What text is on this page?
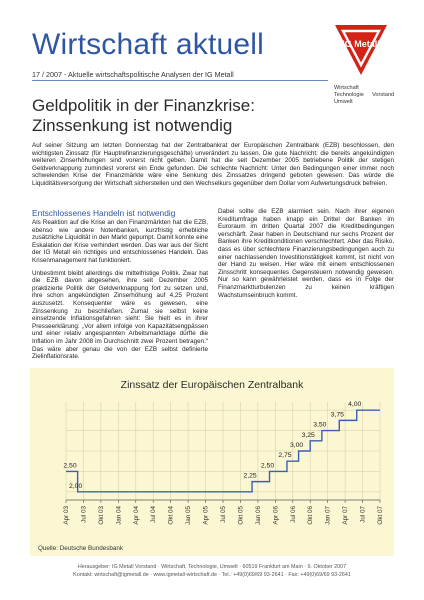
Wirtschaft aktuell
17 / 2007 - Aktuelle wirtschaftspolitische Analysen der IG Metall
IG Metall
Wirtschaft
Technologie
Umwelt
Vorstand
Geldpolitik in der Finanzkrise:
Zinssenkung ist notwendig

Auf seiner Sitzung am letzten Donnerstag hat der Zentralbankrat der Europäischen Zentralbank (EZB) beschlossen, den wichtigsten Zinssatz (für Hauptrefinanzierungsgeschäfte) unverändert zu lassen. Die gute Nachricht: die bereits angekündigten weiteren Zinserhöhungen sind vorerst nicht geben. Damit hat die seit Dezember 2005 betriebene Politik der stetigen Geldverknappung zumindest vorerst ein Ende gefunden. Die schlechte Nachricht: Unter den Bedingungen einer immer noch schwelenden Krise der Finanzmärkte wäre eine Senkung des Zinssatzes dringend geboten gewesen. Das würde die Liquiditätsversorgung der Wirtschaft sicherstellen und den Wechselkurs gegenüber dem Dollar vom Aufwertungsdruck befreien.

Entschlossenes Handeln ist notwendig

Als Reaktion auf die Krise an den Finanzmärkten hat die EZB, ebenso wie andere Notenbanken, kurzfristig erhebliche zusätzliche Liquidität in den Markt gepumpt. Damit konnte eine Eskalation der Krise verhindert werden. Das war aus der Sicht der IG Metall ein richtiges und entschlossenes Handeln. Das Krisenmanagement hat funktioniert.

Unbestimmt bleibt allerdings die mittelfristige Politik. Zwar hat die EZB davon abgesehen, ihre seit Dezember 2005 praktizierte Politik der Geldverknappung fort zu setzen und, ihre schon angekündigten Zinserhöhung auf 4,25 Prozent auszusetzt. Konsequenter wäre es gewesen, eine Zinssenkung zu beschließen. Zumal sie selbst keine einsetzende Inflationsgefahren sieht: Sie hielt es in ihrer Presseerklärung: „Vor allem infolge von Kapazitätsengpässen und einer relativ angespannten Arbeitsmarktlage dürfte die Inflation im Jahr 2008 im Durchschnitt zwei Prozent betragen.“ Das wäre aber genau die von der EZB selbst definierte Zielinflationsrate.

Dabei sollte die EZB alarmiert sein. Nach ihrer eigenen Kreditumfrage haben knapp ein Drittel der Banken im Euroraum im dritten Quartal 2007 die Kreditbedingungen verschärft. Zwar haben in Deutschland nur sechs Prozent der Banken ihre Kreditkonditionen verschlechtert. Aber das Risiko, dass es über schlechtere Finanzierungsbedingungen auch zu einer nachlassenden Investitionstätigkeit kommt, ist nicht von der Hand zu weisen. Hier wäre mit einem entschlossenen Zinsschritt konsequentes Gegensteuern notwendig gewesen. Nur so kann gewährleistet werden, dass es in Folge der Finanzmarktturbulenzen zu keinen kräftigen Wachstumseinbruch kommt.

Zinssatz der Europäischen Zentralbank
2,50
2,00
2,25
2,50
2,75
3,00
3,25
3,50
3,75
4,00
Apr 03 Jul 03 Okt 03 Jan 04 Apr 04 Jul 04 Okt 04 Jan 05 Apr 05 Jul 05 Okt 05 Jan 06 Apr 06 Jul 06 Okt 06 Jan 07 Apr 07 Jul 07 Okt 07
Quelle: Deutsche Bundesbank
Herausgeber: IG Metall Vorstand · Wirtschaft, Technologie, Umwelt · 60519 Frankfurt am Main · 9. Oktober 2007
Kontakt: wirtschaft@igmetall.de · www.igmetall-wirtschaft.de · Tel.: +49(0)69/69 93-2641 · Fax: +49(0)69/69 93-2641
